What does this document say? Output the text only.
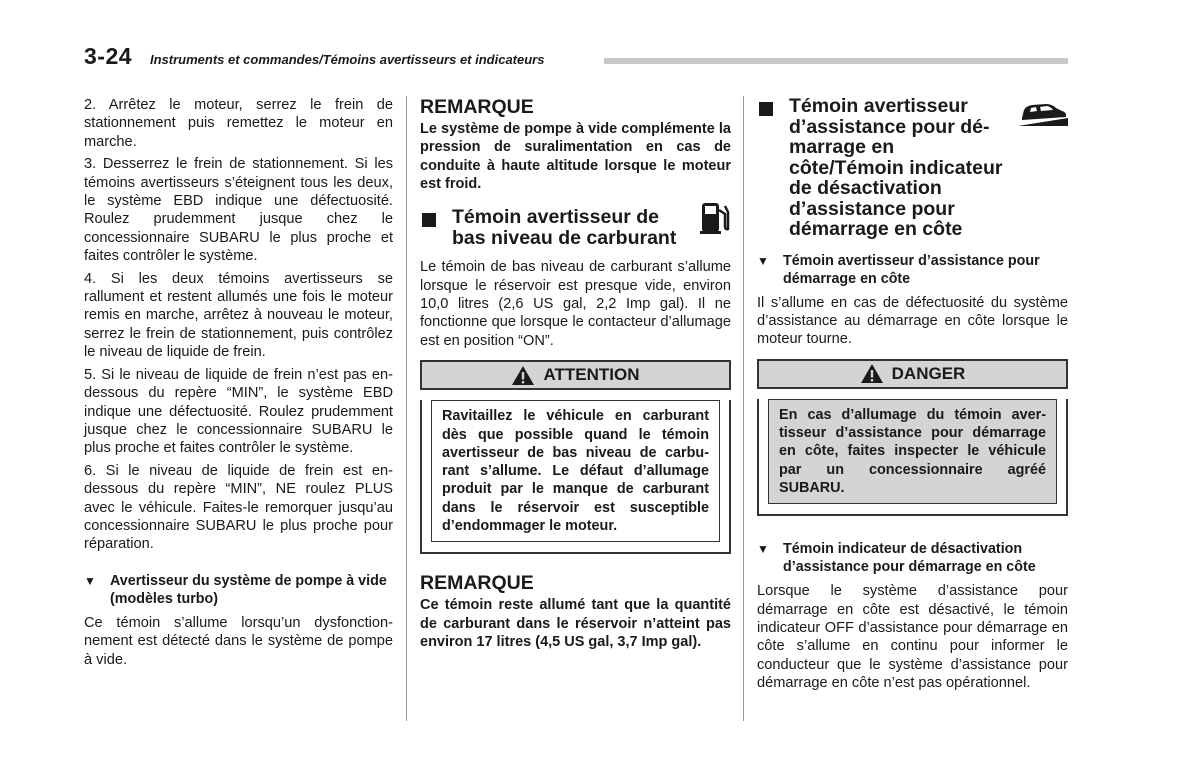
3-24 Instruments et commandes/Témoins avertisseurs et indicateurs

2. Arrêtez le moteur, serrez le frein de stationnement puis remettez le moteur en marche.

3. Desserrez le frein de stationnement. Si les témoins avertisseurs s’éteignent tous les deux, le système EBD indique une défectuosité. Roulez prudemment jusque chez le concessionnaire SUBARU le plus proche et faites contrôler le système.

4. Si les deux témoins avertisseurs se rallument et restent allumés une fois le moteur remis en marche, arrêtez à nouveau le moteur, serrez le frein de stationnement, puis contrôlez le niveau de liquide de frein.

5. Si le niveau de liquide de frein n’est pas en-dessous du repère “MIN”, le système EBD indique une défectuosité. Roulez prudemment jusque chez le concessionnaire SUBARU le plus proche et faites contrôler le système.

6. Si le niveau de liquide de frein est endessous du repère “MIN”, NE roulez PLUS avec le véhicule. Faites-le remorquer jusqu’au concessionnaire SUBARU le plus proche pour réparation.

▼ Avertisseur du système de pompe à vide (modèles turbo)

Ce témoin s’allume lorsqu’un dysfonctionnement est détecté dans le système de pompe à vide.

REMARQUE

Le système de pompe à vide complémente la pression de suralimentation en cas de conduite à haute altitude lorsque le moteur est froid.

Témoin avertisseur de bas niveau de carburant

Le témoin de bas niveau de carburant s’allume lorsque le réservoir est presque vide, environ 10,0 litres (2,6 US gal, 2,2 Imp gal). Il ne fonctionne que lorsque le contacteur d’allumage est en position “ON”.

ATTENTION
Ravitaillez le véhicule en carburant dès que possible quand le témoin avertisseur de bas niveau de carburant s’allume. Le défaut d’allumage produit par le manque de carburant dans le réservoir est susceptible d’endommager le moteur.
REMARQUE

Ce témoin reste allumé tant que la quantité de carburant dans le réservoir n’atteint pas environ 17 litres (4,5 US gal, 3,7 Imp gal).

Témoin avertisseur d’assistance pour démarrage en côte/Témoin indicateur de désactivation d’assistance pour démarrage en côte
▼ Témoin avertisseur d’assistance pour démarrage en côte

Il s’allume en cas de défectuosité du système d’assistance au démarrage en côte lorsque le moteur tourne.

DANGER
En cas d’allumage du témoin avertisseur d’assistance pour démarrage en côte, faites inspecter le véhicule par un concessionnaire agréé SUBARU.
▼ Témoin indicateur de désactivation d’assistance pour démarrage en côte

Lorsque le système d’assistance pour démarrage en côte est désactivé, le témoin indicateur OFF d’assistance pour démarrage en côte s’allume en continu pour informer le conducteur que le système d’assistance pour démarrage en côte n’est pas opérationnel.
